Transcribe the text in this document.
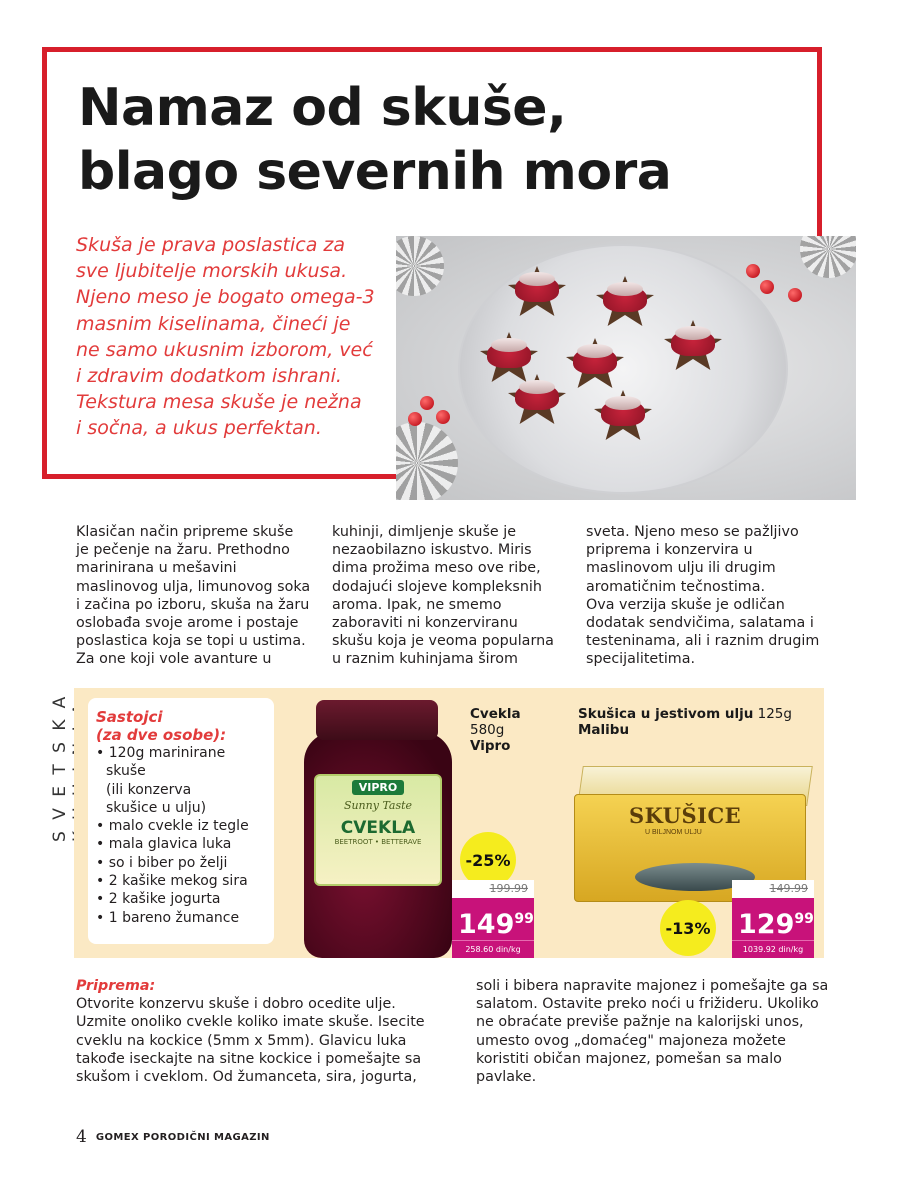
Namaz od skuše,
blago severnih mora

Skuša je prava poslastica za

sve ljubitelje morskih ukusa.

Njeno meso je bogato omega-3

masnim kiselinama, čineći je

ne samo ukusnim izborom, već

i zdravim dodatkom ishrani.

Tekstura mesa skuše je nežna

i sočna, a ukus perfektan.

SVETSKA

Klasičan način pripreme skuše

je pečenje na žaru. Prethodno

marinirana u mešavini

maslinovog ulja, limunovog soka

i začina po izboru, skuša na žaru

oslobađa svoje arome i postaje

poslastica koja se topi u ustima.

Za one koji vole avanture u

kuhinji, dimljenje skuše je

nezaobilazno iskustvo. Miris

dima prožima meso ove ribe,

dodajući slojeve kompleksnih

aroma. Ipak, ne smemo

zaboraviti ni konzerviranu

skušu koja je veoma popularna

u raznim kuhinjama širom

sveta. Njeno meso se pažljivo

priprema i konzervira u

maslinovom ulju ili drugim

aromatičnim tečnostima.

Ova verzija skuše je odličan

dodatak sendvičima, salatama i

testeninama, ali i raznim drugim

specijalitetima.

Sastojci
(za dve osobe):
• 120g marinirane
skuše
(ili konzerva
skušice u ulju)
• malo cvekle iz tegle
• mala glavica luka
• so i biber po želji
• 2 kašike mekog sira
• 2 kašike jogurta
• 1 bareno žumance
VIPRO
Sunny Taste
CVEKLA
BEETROOT • BETTERAVE
Cvekla
580g
Vipro
-25%
199.99
$149^{99}$
258.60 din/kg
Skušica u jestivom ulju 125g
Malibu
SKUŠICE
U BILJNOM ULJU
-13%
149.99
$129^{99}$
1039.92 din/kg

Priprema:

Otvorite konzervu skuše i dobro ocedite ulje.

Uzmite onoliko cvekle koliko imate skuše. Isecite

cveklu na kockice (5mm x 5mm). Glavicu luka

takođe iseckajte na sitne kockice i pomešajte sa

skušom i cveklom. Od žumanceta, sira, jogurta,

soli i bibera napravite majonez i pomešajte ga sa

salatom. Ostavite preko noći u frižideru. Ukoliko

ne obraćate previše pažnje na kalorijski unos,

umesto ovog „domaćeg" majoneza možete

koristiti običan majonez, pomešan sa malo

pavlake.

4 GOMEX PORODIČNI MAGAZIN
